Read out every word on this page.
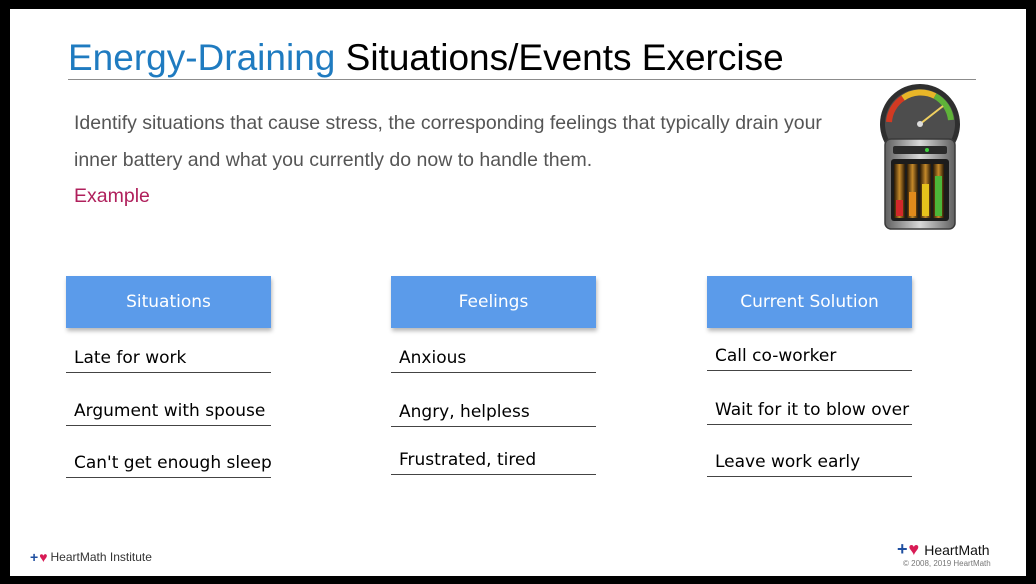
Energy-Draining Situations/Events Exercise

Identify situations that cause stress, the corresponding feelings that typically drain your inner battery and what you currently do now to handle them.

Example
Situations
Late for work
Argument with spouse
Can't get enough sleep
Feelings
Anxious
Angry, helpless
Frustrated, tired
Current Solution
Call co-worker
Wait for it to blow over
Leave work early
+ ♥ HeartMath Institute	+ ♥ HeartMath
© 2008, 2019 HeartMath
